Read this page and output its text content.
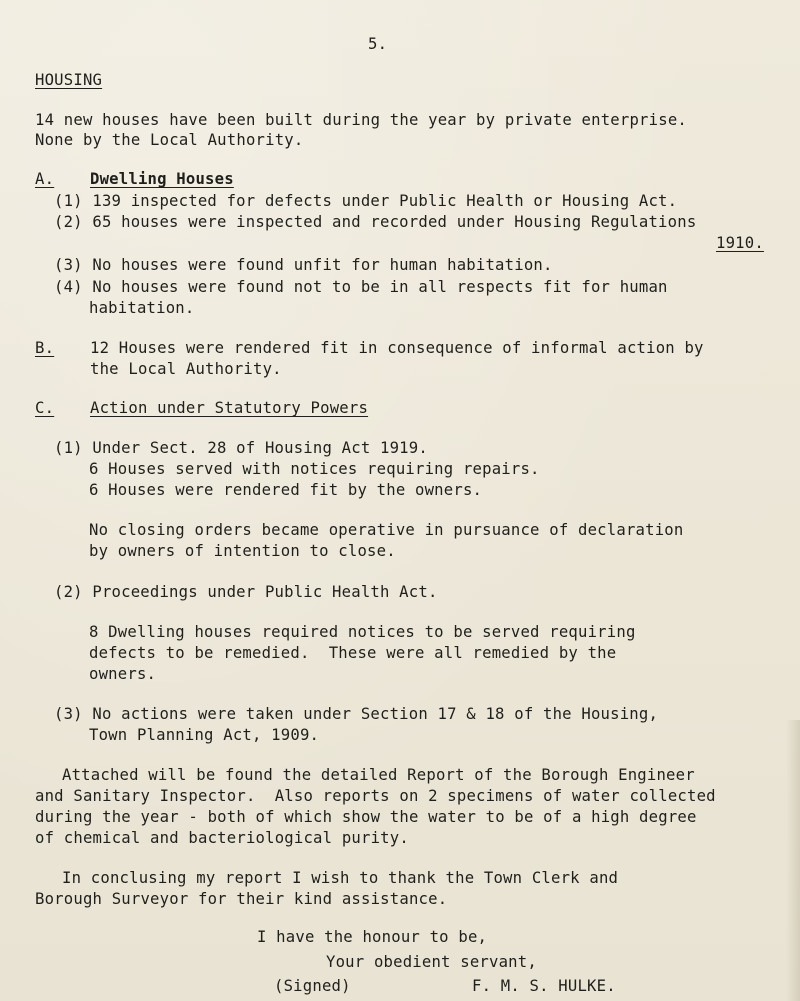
5.
HOUSING
14 new houses have been built during the year by private enterprise.
None by the Local Authority.
A. Dwelling Houses
(1) 139 inspected for defects under Public Health or Housing Act.
(2) 65 houses were inspected and recorded under Housing Regulations
1910.
(3) No houses were found unfit for human habitation.
(4) No houses were found not to be in all respects fit for human
habitation.
B. 12 Houses were rendered fit in consequence of informal action by
the Local Authority.
C. Action under Statutory Powers
(1) Under Sect. 28 of Housing Act 1919.
6 Houses served with notices requiring repairs.
6 Houses were rendered fit by the owners.
No closing orders became operative in pursuance of declaration
by owners of intention to close.
(2) Proceedings under Public Health Act.
8 Dwelling houses required notices to be served requiring
defects to be remedied.  These were all remedied by the
owners.
(3) No actions were taken under Section 17 & 18 of the Housing,
Town Planning Act, 1909.
Attached will be found the detailed Report of the Borough Engineer
and Sanitary Inspector.  Also reports on 2 specimens of water collected
during the year - both of which show the water to be of a high degree
of chemical and bacteriological purity.
In conclusing my report I wish to thank the Town Clerk and
Borough Surveyor for their kind assistance.
I have the honour to be,
Your obedient servant,
(Signed)	F. M. S. HULKE.
